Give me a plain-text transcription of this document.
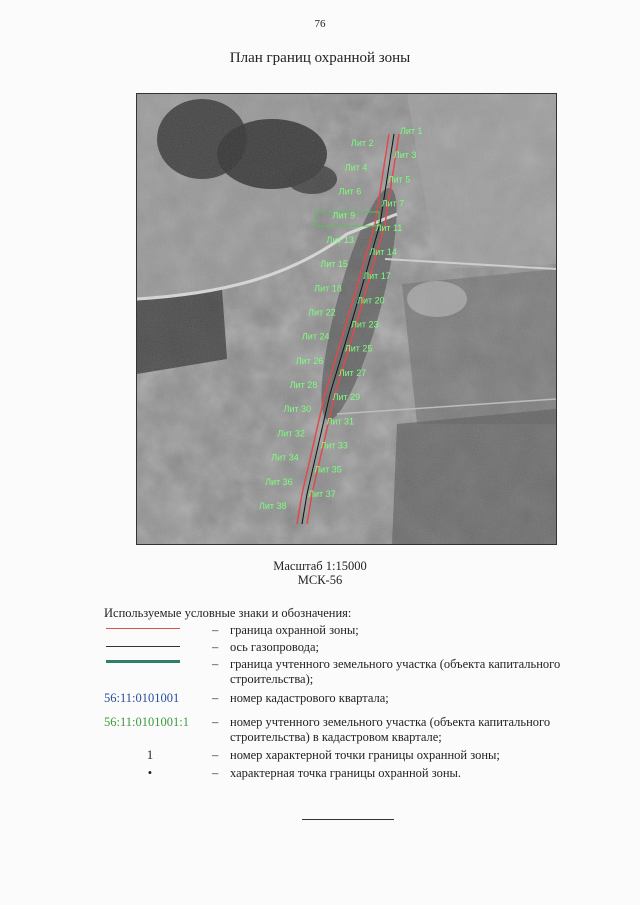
76
План границ охранной зоны
Лит 1
Лит 2
Лит 3
Лит 4
Лит 5
Лит 6
Лит 7
Лит 9
Лит 11
Лит 13
Лит 14
Лит 15
Лит 17
Лит 18
Лит 20
Лит 22
Лит 23
Лит 24
Лит 25
Лит 26
Лит 27
Лит 28
Лит 29
Лит 30
Лит 31
Лит 32
Лит 33
Лит 34
Лит 35
Лит 36
Лит 37
Лит 38
Масштаб 1:15000
МСК-56
Используемые условные знаки и обозначения:
– граница охранной зоны;
– ось газопровода;
– граница учтенного земельного участка (объекта капитального строительства);
56:11:0101001	– номер кадастрового квартала;
56:11:0101001:1	– номер учтенного земельного участка (объекта капитального строительства) в кадастровом квартале;
1	– номер характерной точки границы охранной зоны;
•	– характерная точка границы охранной зоны.
